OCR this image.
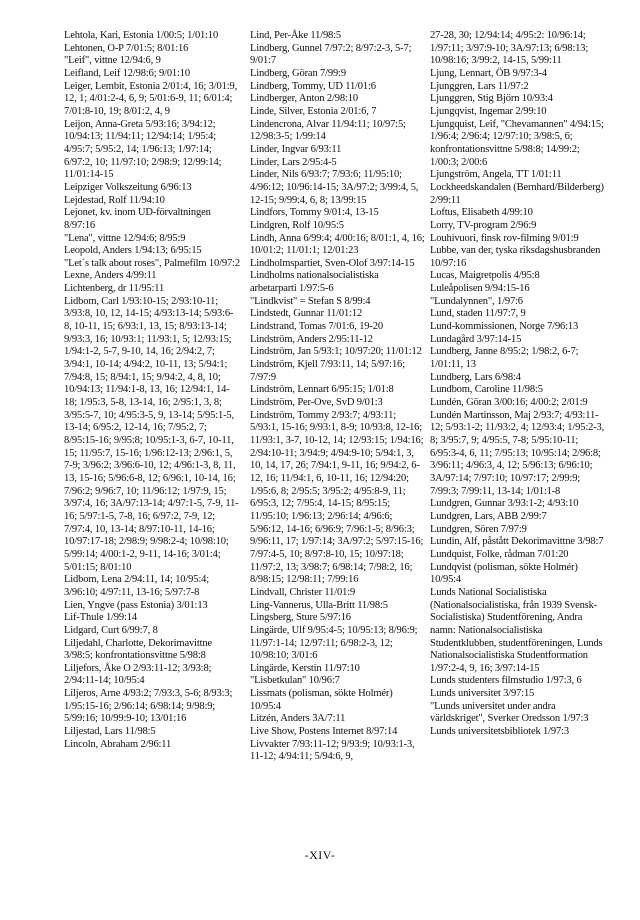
Lehtola, Kari, Estonia 1/00:5; 1/01:10
Lehtonen, O-P 7/01:5; 8/01:16
"Leif", vittne 12/94:6, 9
Leifland, Leif 12/98:6; 9/01:10
Leiger, Lembit, Estonia 2/01:4, 16; 3/01:9, 12, 1; 4/01:2-4, 6, 9; 5/01:6-9, 11; 6/01:4; 7/01:8-10, 19; 8/01:2, 4, 9
Leijon, Anna-Greta 5/93:16; 3/94:12; 10/94:13; 11/94:11; 12/94:14; 1/95:4; 4/95:7; 5/95:2, 14; 1/96:13; 1/97:14; 6/97:2, 10; 11/97:10; 2/98:9; 12/99:14; 11/01:14-15
Leipziger Volkszeitung 6/96:13
Lejdestad, Rolf 11/94:10
Lejonet, kv. inom UD-förvaltningen 8/97:16
"Lena", vittne 12/94:6; 8/95:9
Leopold, Anders 1/94:13; 6/95:15
"Let´s talk about roses", Palmefilm 10/97:2
Lexne, Anders 4/99:11
Lichtenberg, dr 11/95:11
Lidbom, Carl 1/93:10-15; 2/93:10-11; 3/93:8, 10, 12, 14-15; 4/93:13-14; 5/93:6-8, 10-11, 15; 6/93:1, 13, 15; 8/93:13-14; 9/93:3, 16; 10/93:1; 11/93:1, 5; 12/93:15; 1/94:1-2, 5-7, 9-10, 14, 16; 2/94:2, 7; 3/94:1, 10-14; 4/94:2, 10-11, 13; 5/94:1; 7/94:8, 15; 8/94:1, 15; 9/94:2, 4, 8, 10; 10/94:13; 11/94:1-8, 13, 16; 12/94:1, 14-18; 1/95:3, 5-8, 13-14, 16; 2/95:1, 3, 8; 3/95:5-7, 10; 4/95:3-5, 9, 13-14; 5/95:1-5, 13-14; 6/95:2, 12-14, 16; 7/95:2, 7; 8/95:15-16; 9/95:8; 10/95:1-3, 6-7, 10-11, 15; 11/95:7, 15-16; 1/96:12-13; 2/96:1, 5, 7-9; 3/96:2; 3/96:6-10, 12; 4/96:1-3, 8, 11, 13, 15-16; 5/96:6-8, 12; 6/96:1, 10-14, 16; 7/96:2; 9/96:7, 10; 11/96:12; 1/97:9, 15; 3/97:4, 16; 3A/97:13-14; 4/97:1-5, 7-9, 11-16; 5/97:1-5, 7-8, 16; 6/97:2, 7-9, 12; 7/97:4, 10, 13-14; 8/97:10-11, 14-16; 10/97:17-18; 2/98:9; 9/98:2-4; 10/98:10; 5/99:14; 4/00:1-2, 9-11, 14-16; 3/01:4; 5/01:15; 8/01:10
Lidbom, Lena 2/94:11, 14; 10/95:4; 3/96:10; 4/97:11, 13-16; 5/97:7-8
Lien, Yngve (pass Estonia) 3/01:13
Lif-Thule 1/99:14
Lidgard, Curt 6/99:7, 8
Liljedahl, Charlotte, Dekorimavittne 3/98:5; konfrontationsvittne 5/98:8
Liljefors, Åke O 2/93:11-12; 3/93:8; 2/94:11-14; 10/95:4
Liljeros, Arne 4/93:2; 7/93:3, 5-6; 8/93:3; 1/95:15-16; 2/96:14; 6/98:14; 9/98:9; 5/99:16; 10/99:9-10; 13/01:16
Liljestad, Lars 11/98:5
Lincoln, Abraham 2/96:11
Lind, Per-Åke 11/98:5
Lindberg, Gunnel 7/97:2; 8/97:2-3, 5-7; 9/01:7
Lindberg, Göran 7/99:9
Lindberg, Tommy, UD 11/01:6
Lindberger, Anton 2/98:10
Linde, Silver, Estonia 2/01:6, 7
Lindencrona, Alvar 11/94:11; 10/97:5; 12/98:3-5; 1/99:14
Linder, Ingvar 6/93:11
Linder, Lars 2/95:4-5
Linder, Nils 6/93:7; 7/93:6; 11/95:10; 4/96:12; 10/96:14-15; 3A/97:2; 3/99:4, 5, 12-15; 9/99:4, 6, 8; 13/99:15
Lindfors, Tommy 9/01:4, 13-15
Lindgren, Rolf 10/95:5
Lindh, Anna 6/99:4; 4/00:16; 8/01:1, 4, 16; 10/01:2; 11/01:1; 12/01:23
Lindholmspartiet, Sven-Olof 3/97:14-15
Lindholms nationalsocialistiska arbetarparti 1/97:5-6
"Lindkvist" = Stefan S 8/99:4
Lindstedt, Gunnar 11/01:12
Lindstrand, Tomas 7/01:6, 19-20
Lindström, Anders 2/95:11-12
Lindström, Jan 5/93:1; 10/97:20; 11/01:12
Lindström, Kjell 7/93:11, 14; 5/97:16; 7/97:9
Lindström, Lennart 6/95:15; 1/01:8
Lindström, Per-Ove, SvD 9/01:3
Lindström, Tommy 2/93:7; 4/93:11; 5/93:1, 15-16; 9/93:1, 8-9; 10/93:8, 12-16; 11/93:1, 3-7, 10-12, 14; 12/93:15; 1/94:16; 2/94:10-11; 3/94:9; 4/94:9-10; 5/94:1, 3, 10, 14, 17, 26; 7/94:1, 9-11, 16; 9/94:2, 6-12, 16; 11/94:1, 6, 10-11, 16; 12/94:20; 1/95:6, 8; 2/95:5; 3/95:2; 4/95:8-9, 11; 6/95:3, 12; 7/95:4, 14-15; 8/95:15; 11/95:10; 1/96:13; 2/96:14; 4/96:6; 5/96:12, 14-16; 6/96:9; 7/96:1-5; 8/96:3; 9/96:11, 17; 1/97:14; 3A/97:2; 5/97:15-16; 7/97:4-5, 10; 8/97:8-10, 15; 10/97:18; 11/97:2, 13; 3/98:7; 6/98:14; 7/98:2, 16; 8/98:15; 12/98:11; 7/99:16
Lindvall, Christer 11/01:9
Ling-Vannerus, Ulla-Britt 11/98:5
Lingsberg, Sture 5/97:16
Lingärde, Ulf 9/95:4-5; 10/95:13; 8/96:9; 11/97:1-14; 12/97:11; 6/98:2-3, 12; 10/98:10; 3/01:6
Lingärde, Kerstin 11/97:10
"Lisbetkulan" 10/96:7
Lissmats (polisman, sökte Holmér) 10/95:4
Litzén, Anders 3A/7:11
Live Show, Postens Internet 8/97:14
Livvakter 7/93:11-12; 9/93:9; 10/93:1-3, 11-12; 4/94:11; 5/94:6, 9,
27-28, 30; 12/94:14; 4/95:2: 10/96:14; 1/97:11; 3/97:9-10; 3A/97:13; 6/98:13; 10/98:16; 3/99:2, 14-15, 5/99:11
Ljung, Lennart, ÖB 9/97:3-4
Ljunggren, Lars 11/97:2
Ljunggren, Stig Björn 10/93:4
Ljungqvist, Ingemar 2/99:10
Ljungquist, Leif, "Chevamannen" 4/94:15; 1/96:4; 2/96:4; 12/97:10; 3/98:5, 6; konfrontationsvittne 5/98:8; 14/99:2; 1/00:3; 2/00:6
Ljungström, Angela, TT 1/01:11
Lockheedskandalen (Bernhard/Bilderberg) 2/99:11
Loftus, Elisabeth 4/99:10
Lorry, TV-program 2/96:9
Louhivuori, finsk rov-filming 9/01:9
Lubbe, van der, tyska riksdagshusbranden 10/97:16
Lucas, Maigretpolis 4/95:8
Luleåpolisen 9/94:15-16
"Lundalynnen", 1/97:6
Lund, staden 11/97:7, 9
Lund-kommissionen, Norge 7/96:13
Lundagård 3/97:14-15
Lundberg, Janne 8/95:2; 1/98:2, 6-7; 1/01:11, 13
Lundberg, Lars 6/98:4
Lundbom, Caroline 11/98:5
Lundén, Göran 3/00:16; 4/00:2; 2/01:9
Lundén Martinsson, Maj 2/93:7; 4/93:11-12; 5/93:1-2; 11/93:2, 4; 12/93:4; 1/95:2-3, 8; 3/95:7, 9; 4/95:5, 7-8; 5/95:10-11; 6/95:3-4, 6, 11; 7/95:13; 10/95:14; 2/96:8; 3/96:11; 4/96:3, 4, 12; 5/96:13; 6/96:10; 3A/97:14; 7/97:10; 10/97:17; 2/99:9; 7/99:3; 7/99:11, 13-14; 1/01:1-8
Lundgren, Gunnar 3/93:1-2; 4/93:10
Lundgren, Lars, ABB 2/99:7
Lundgren, Sören 7/97:9
Lundin, Alf, påstått Dekorimavittne 3/98:7
Lundquist, Folke, rådman 7/01:20
Lundqvist (polisman, sökte Holmér) 10/95:4
Lunds National Socialistiska (Nationalsocialistiska, från 1939 Svensk-Socialistiska) Studentförening, Andra namn: Nationalsocialistiska Studentklubben, studentföreningen, Lunds Nationalsocialistiska Studentformation 1/97:2-4, 9, 16; 3/97:14-15
Lunds studenters filmstudio 1/97:3, 6
Lunds universitet 3/97:15
"Lunds universitet under andra världskriget", Sverker Oredsson 1/97:3
Lunds universitetsbibliotek 1/97:3
-XIV-
